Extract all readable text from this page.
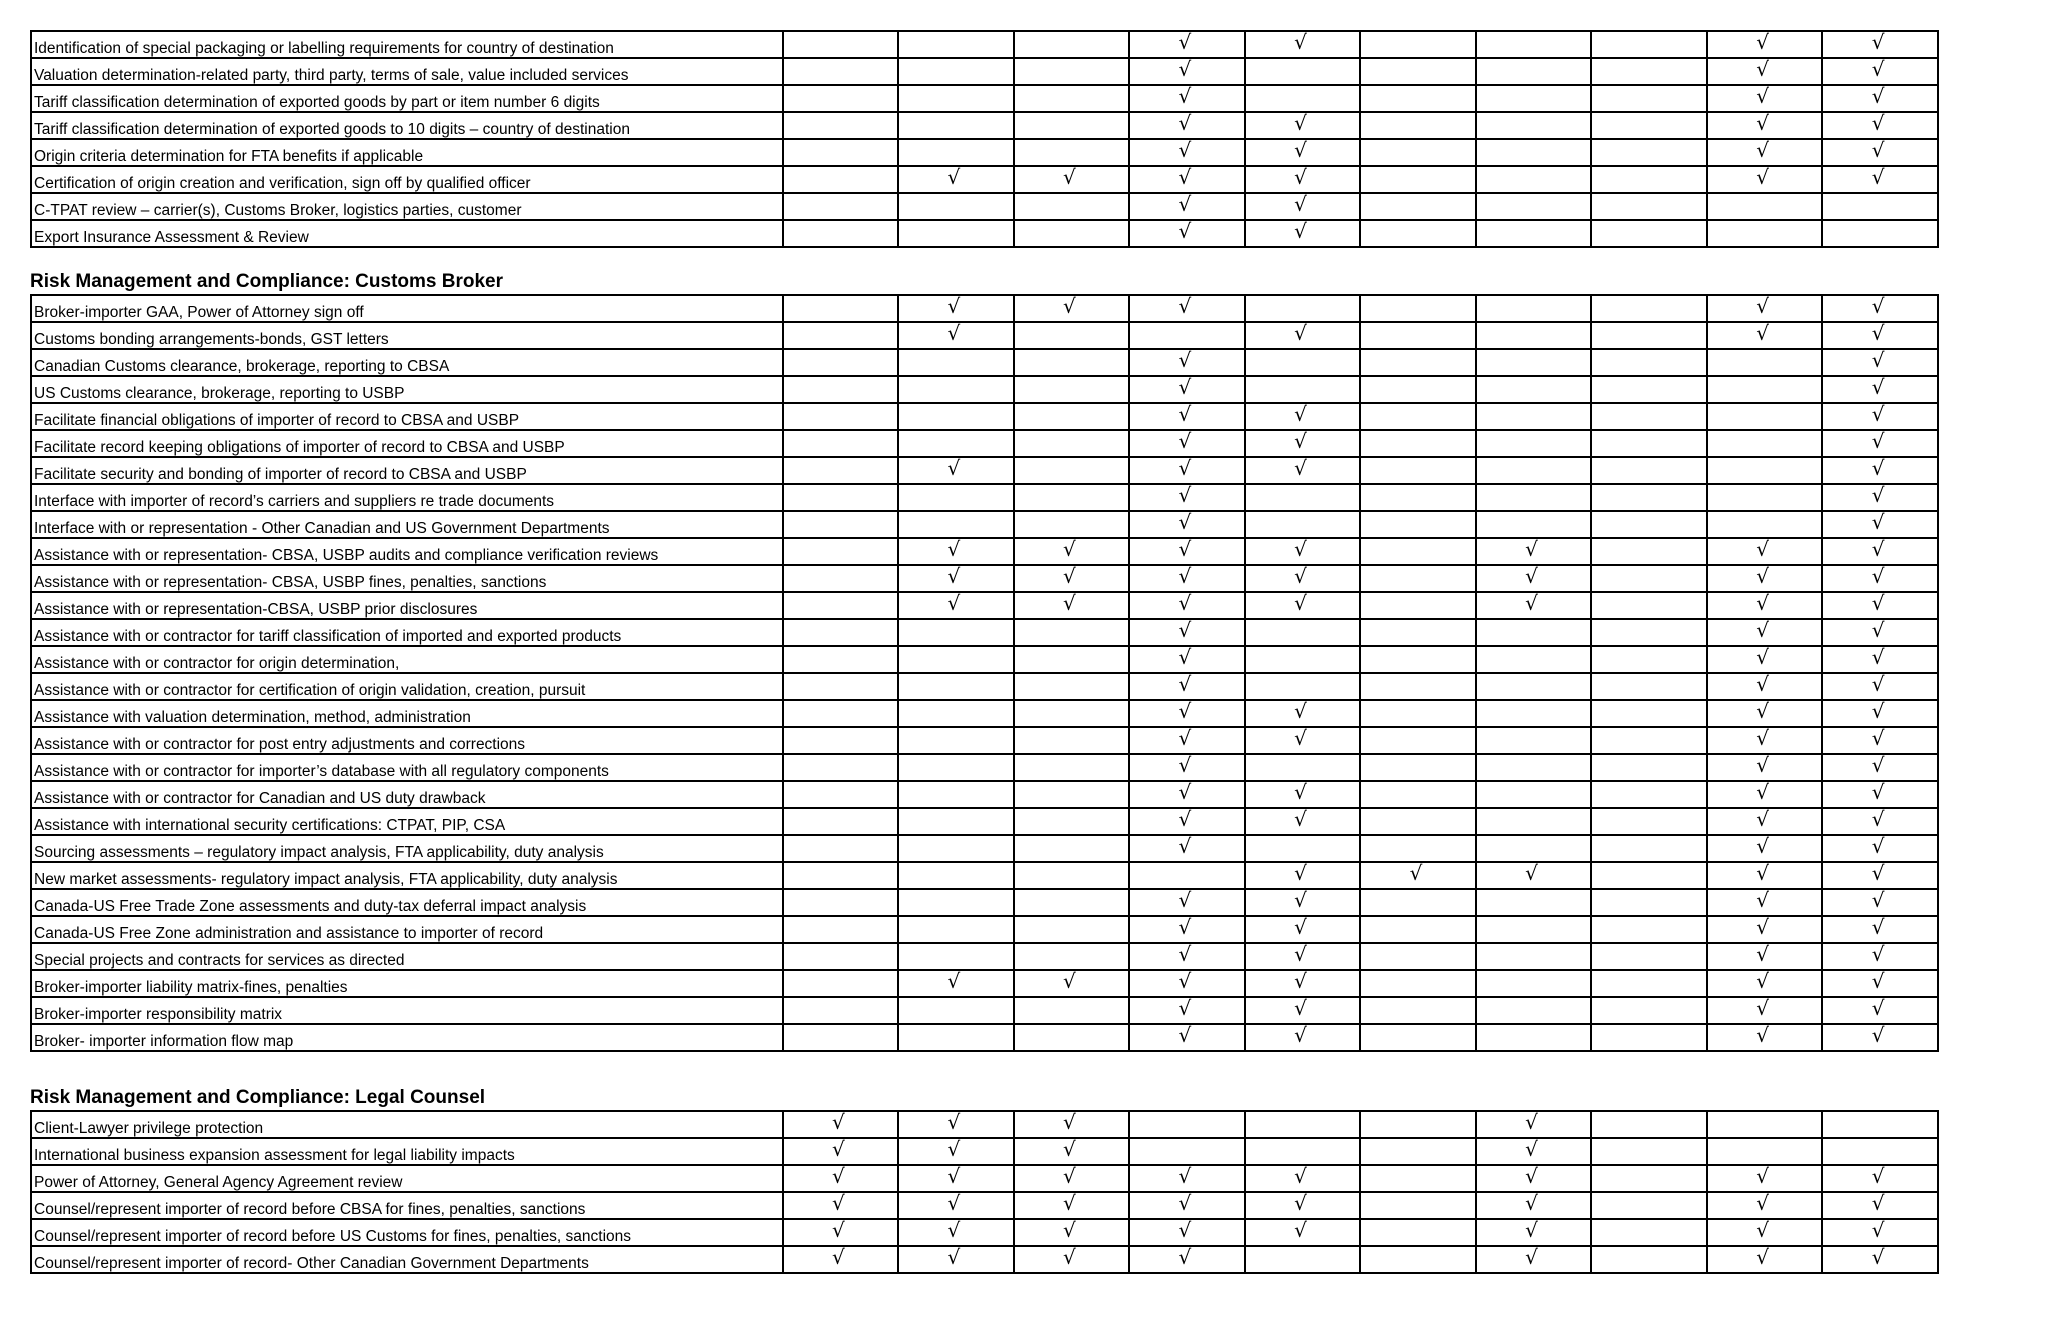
Identification of special packaging or labelling requirements for country of destination				√	√				√	√
Valuation determination-related party, third party, terms of sale, value included services				√					√	√
Tariff classification determination of exported goods by part or item number 6 digits				√					√	√
Tariff classification determination of exported goods to 10 digits – country of destination				√	√				√	√
Origin criteria determination for FTA benefits if applicable				√	√				√	√
Certification of origin creation and verification, sign off by qualified officer		√	√	√	√				√	√
C-TPAT review – carrier(s), Customs Broker, logistics parties, customer				√	√					
Export Insurance Assessment & Review				√	√					
Risk Management and Compliance: Customs Broker
Broker-importer GAA, Power of Attorney sign off		√	√	√					√	√
Customs bonding arrangements-bonds, GST letters		√			√				√	√
Canadian Customs clearance, brokerage, reporting to CBSA				√						√
US Customs clearance, brokerage, reporting to USBP				√						√
Facilitate financial obligations of importer of record to CBSA and USBP				√	√					√
Facilitate record keeping obligations of importer of record to CBSA and USBP				√	√					√
Facilitate security and bonding of importer of record to CBSA and USBP		√		√	√					√
Interface with importer of record’s carriers and suppliers re trade documents				√						√
Interface with or representation - Other Canadian and US Government Departments				√						√
Assistance with or representation- CBSA, USBP audits and compliance verification reviews		√	√	√	√		√		√	√
Assistance with or representation- CBSA, USBP fines, penalties, sanctions		√	√	√	√		√		√	√
Assistance with or representation-CBSA, USBP prior disclosures		√	√	√	√		√		√	√
Assistance with or contractor for tariff classification of imported and exported products				√					√	√
Assistance with or contractor for origin determination,				√					√	√
Assistance with or contractor for certification of origin validation, creation, pursuit				√					√	√
Assistance with valuation determination, method, administration				√	√				√	√
Assistance with or contractor for post entry adjustments and corrections				√	√				√	√
Assistance with or contractor for importer’s database with all regulatory components				√					√	√
Assistance with or contractor for Canadian and US duty drawback				√	√				√	√
Assistance with international security certifications: CTPAT, PIP, CSA				√	√				√	√
Sourcing assessments – regulatory impact analysis, FTA applicability, duty analysis				√					√	√
New market assessments- regulatory impact analysis, FTA applicability, duty analysis					√	√	√		√	√
Canada-US Free Trade Zone assessments and duty-tax deferral impact analysis				√	√				√	√
Canada-US Free Zone administration and assistance to importer of record				√	√				√	√
Special projects and contracts for services as directed				√	√				√	√
Broker-importer liability matrix-fines, penalties		√	√	√	√				√	√
Broker-importer responsibility matrix				√	√				√	√
Broker- importer information flow map				√	√				√	√
Risk Management and Compliance: Legal Counsel
Client-Lawyer privilege protection	√	√	√				√			
International business expansion assessment for legal liability impacts	√	√	√				√			
Power of Attorney, General Agency Agreement review	√	√	√	√	√		√		√	√
Counsel/represent importer of record before CBSA for fines, penalties, sanctions	√	√	√	√	√		√		√	√
Counsel/represent importer of record before US Customs for fines, penalties, sanctions	√	√	√	√	√		√		√	√
Counsel/represent importer of record- Other Canadian Government Departments	√	√	√	√			√		√	√
